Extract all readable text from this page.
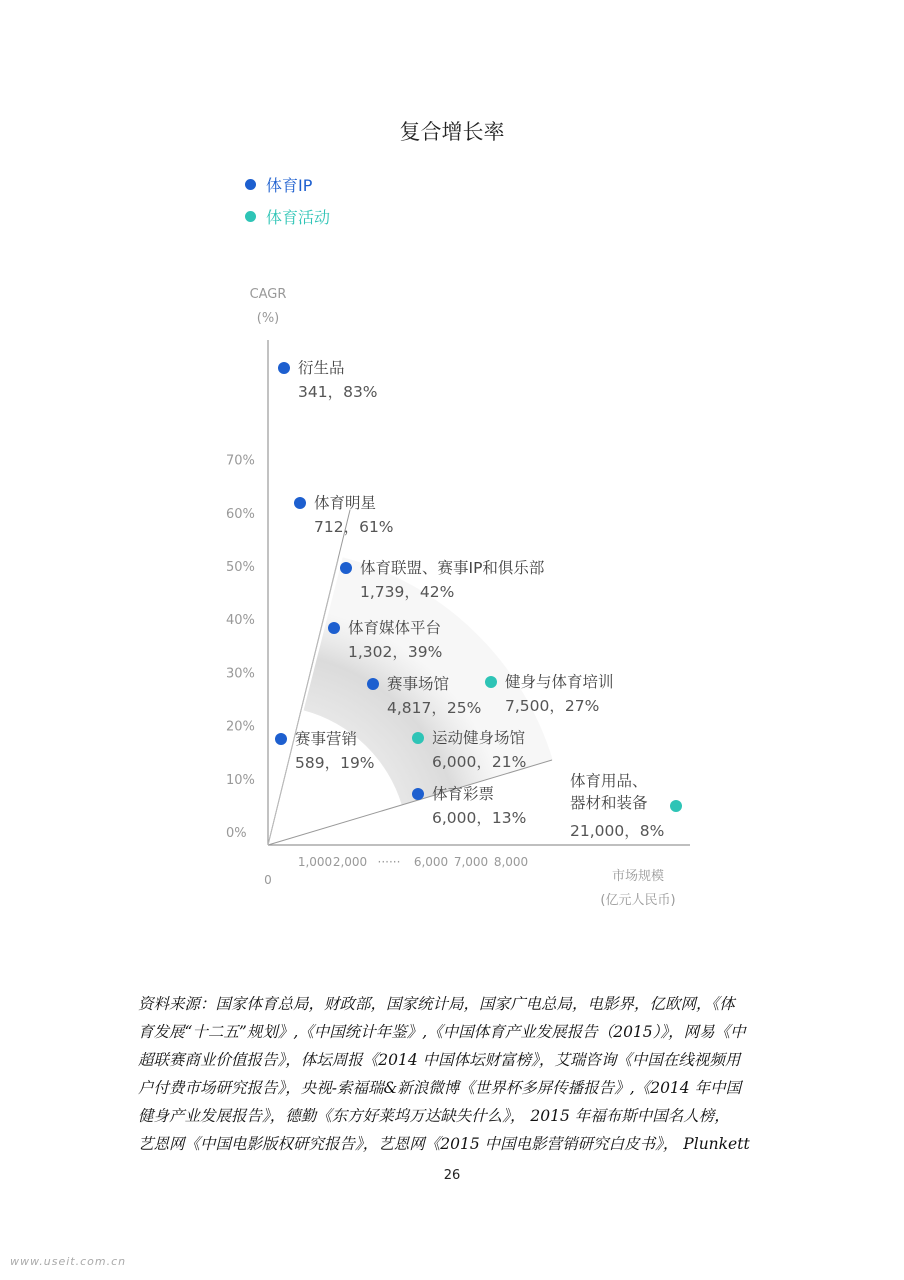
复合增长率
体育IP
体育活动
0%
10%
20%
30%
40%
50%
60%
70%
0
1,000 2,000 ······ 6,000 7,000 8,000
CAGR
(%)
市场规模
(亿元人民币)
衍生品
341，83%
体育明星
712，61%
体育联盟、赛事IP和俱乐部
1,739，42%
体育媒体平台
1,302，39%
赛事场馆
4,817，25%
赛事营销
589，19%
体育彩票
6,000，13%
健身与体育培训
7,500，27%
运动健身场馆
6,000，21%
体育用品、
器材和装备
21,000，8%
资料来源：国家体育总局，财政部，国家统计局，国家广电总局，电影界，亿欧网，《体
育发展“十二五”规划》,《中国统计年鉴》,《中国体育产业发展报告（2015）》，网易《中
超联赛商业价值报告》，体坛周报《2014 中国体坛财富榜》，艾瑞咨询《中国在线视频用
户付费市场研究报告》，央视-索福瑞&新浪微博《世界杯多屏传播报告》,《2014 年中国
健身产业发展报告》，德勤《东方好莱坞万达缺失什么》， 2015 年福布斯中国名人榜，
艺恩网《中国电影版权研究报告》，艺恩网《2015 中国电影营销研究白皮书》， Plunkett
26
www.useit.com.cn
